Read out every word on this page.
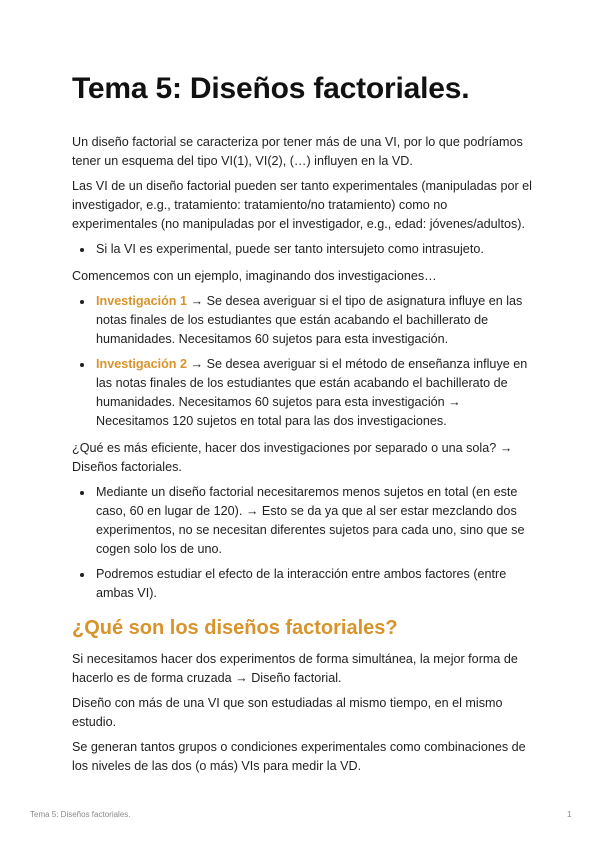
Tema 5: Diseños factoriales.

Un diseño factorial se caracteriza por tener más de una VI, por lo que podríamos tener un esquema del tipo VI(1), VI(2), (…) influyen en la VD.

Las VI de un diseño factorial pueden ser tanto experimentales (manipuladas por el investigador, e.g., tratamiento: tratamiento/no tratamiento) como no experimentales (no manipuladas por el investigador, e.g., edad: jóvenes/adultos).

• Si la VI es experimental, puede ser tanto intersujeto como intrasujeto.

Comencemos con un ejemplo, imaginando dos investigaciones…

• Investigación 1 → Se desea averiguar si el tipo de asignatura influye en las notas finales de los estudiantes que están acabando el bachillerato de humanidades. Necesitamos 60 sujetos para esta investigación.
• Investigación 2 → Se desea averiguar si el método de enseñanza influye en las notas finales de los estudiantes que están acabando el bachillerato de humanidades. Necesitamos 60 sujetos para esta investigación → Necesitamos 120 sujetos en total para las dos investigaciones.

¿Qué es más eficiente, hacer dos investigaciones por separado o una sola? → Diseños factoriales.

• Mediante un diseño factorial necesitaremos menos sujetos en total (en este caso, 60 en lugar de 120). → Esto se da ya que al ser estar mezclando dos experimentos, no se necesitan diferentes sujetos para cada uno, sino que se cogen solo los de uno.
• Podremos estudiar el efecto de la interacción entre ambos factores (entre ambas VI).
¿Qué son los diseños factoriales?

Si necesitamos hacer dos experimentos de forma simultánea, la mejor forma de hacerlo es de forma cruzada → Diseño factorial.

Diseño con más de una VI que son estudiadas al mismo tiempo, en el mismo estudio.

Se generan tantos grupos o condiciones experimentales como combinaciones de los niveles de las dos (o más) VIs para medir la VD.

Tema 5: Diseños factoriales.	1
